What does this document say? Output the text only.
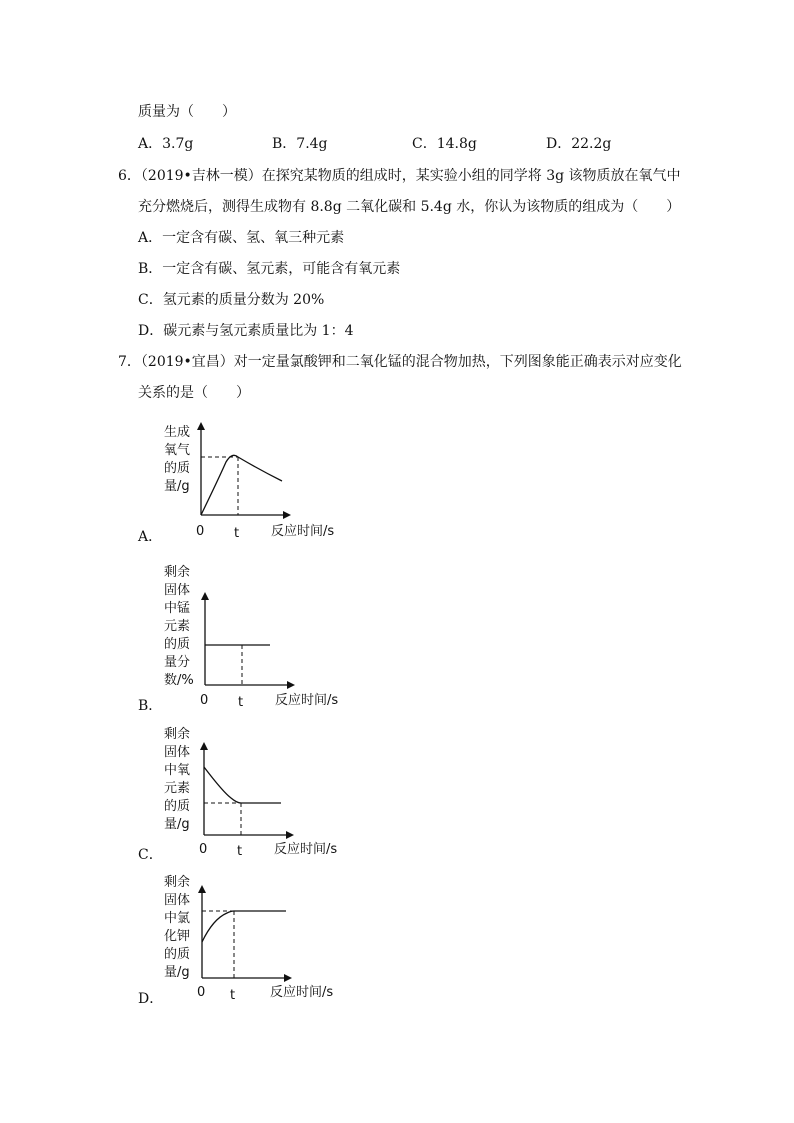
质量为（　　）
A．3.7g	B．7.4g	C．14.8g	D．22.2g
6．（2019•吉林一模）在探究某物质的组成时，某实验小组的同学将 3g 该物质放在氧气中
充分燃烧后，测得生成物有 8.8g 二氧化碳和 5.4g 水，你认为该物质的组成为（　　）
A．一定含有碳、氢、氧三种元素
B．一定含有碳、氢元素，可能含有氧元素
C．氢元素的质量分数为 20%
D．碳元素与氢元素质量比为 1：4
7．（2019•宜昌）对一定量氯酸钾和二氧化锰的混合物加热，下列图象能正确表示对应变化
关系的是（　　）
生成
氧气
的质
量/g
0 t 反应时间/s
A．
剩余
固体
中锰
元素
的质
量分
数/%
0 t 反应时间/s
B．
剩余
固体
中氧
元素
的质
量/g
0 t 反应时间/s
C．
剩余
固体
中氯
化钾
的质
量/g
0 t	反应时间/s
D．
